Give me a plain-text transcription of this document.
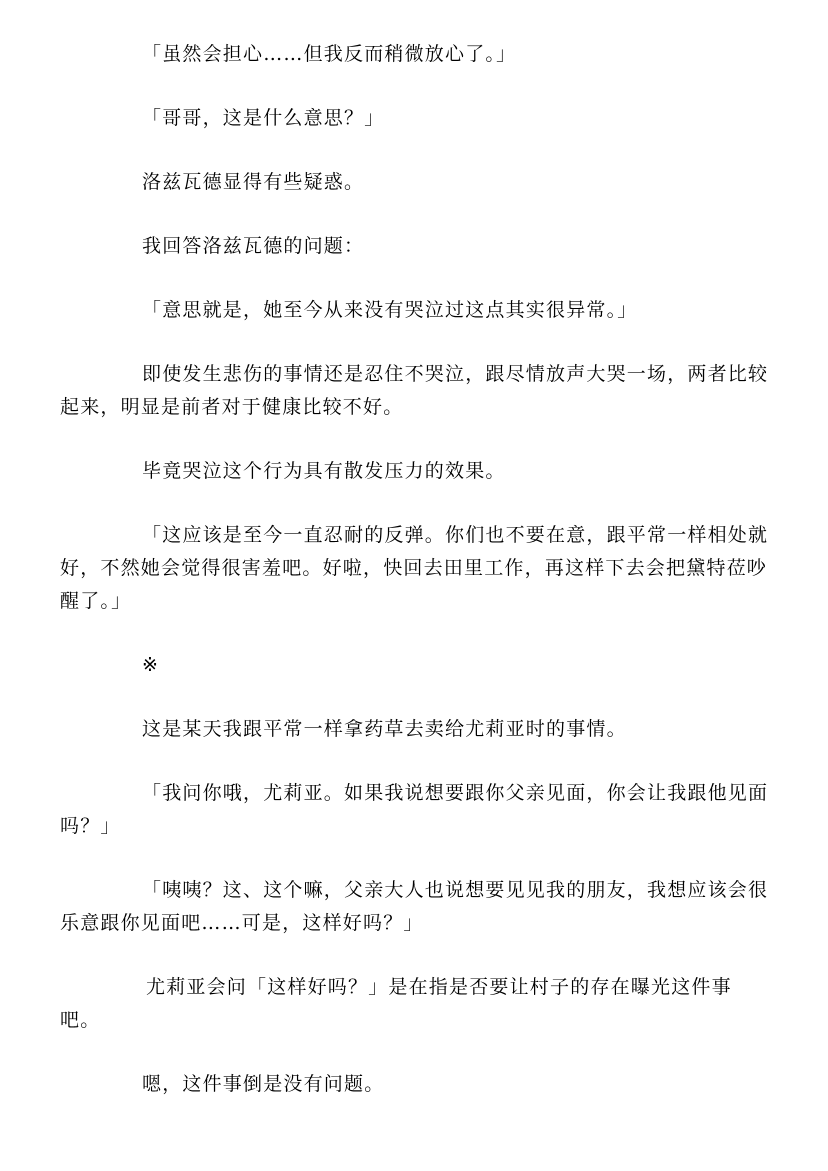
「虽然会担心……但我反而稍微放心了。」

「哥哥，这是什么意思？」

洛兹瓦德显得有些疑惑。

我回答洛兹瓦德的问题：

「意思就是，她至今从来没有哭泣过这点其实很异常。」

即使发生悲伤的事情还是忍住不哭泣，跟尽情放声大哭一场，两者比较起来，明显是前者对于健康比较不好。

毕竟哭泣这个行为具有散发压力的效果。

「这应该是至今一直忍耐的反弹。你们也不要在意，跟平常一样相处就好，不然她会觉得很害羞吧。好啦，快回去田里工作，再这样下去会把黛特莅吵醒了。」

※

这是某天我跟平常一样拿药草去卖给尤莉亚时的事情。

「我问你哦，尤莉亚。如果我说想要跟你父亲见面，你会让我跟他见面吗？」

「咦咦？这、这个嘛，父亲大人也说想要见见我的朋友，我想应该会很乐意跟你见面吧……可是，这样好吗？」

尤莉亚会问「这样好吗？」是在指是否要让村子的存在曝光这件事吧。

嗯，这件事倒是没有问题。
